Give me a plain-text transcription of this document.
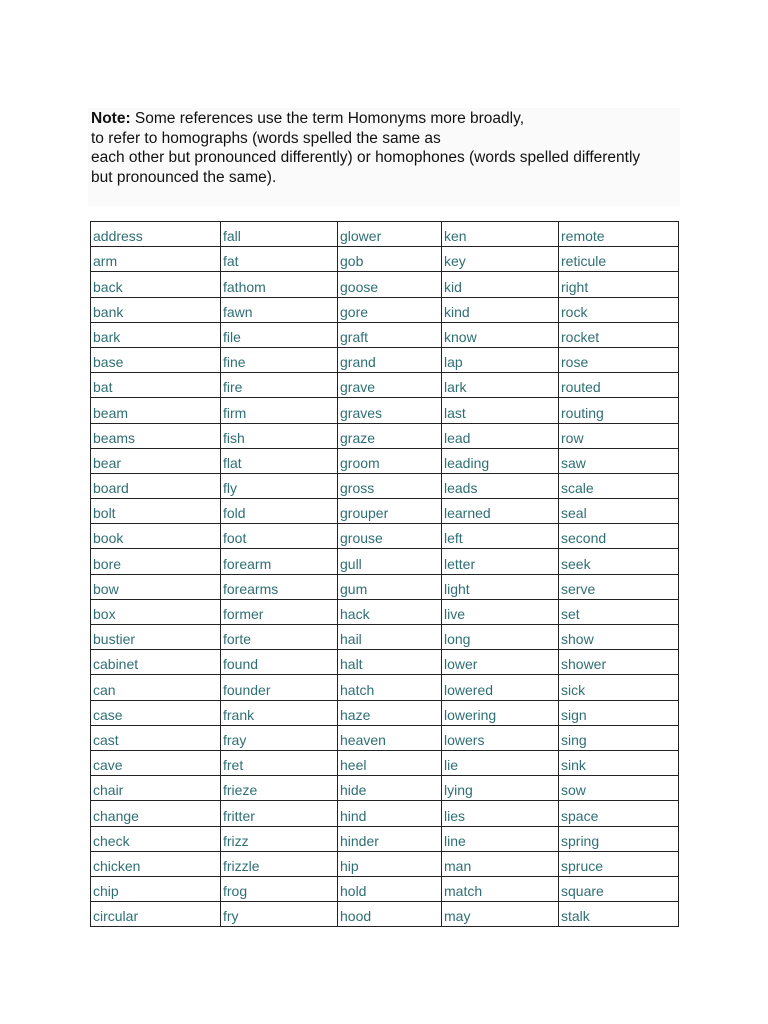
Note: Some references use the term Homonyms more broadly,
to refer to homographs (words spelled the same as
each other but pronounced differently) or homophones (words spelled differently
but pronounced the same).
address	fall	glower	ken	remote
arm	fat	gob	key	reticule
back	fathom	goose	kid	right
bank	fawn	gore	kind	rock
bark	file	graft	know	rocket
base	fine	grand	lap	rose
bat	fire	grave	lark	routed
beam	firm	graves	last	routing
beams	fish	graze	lead	row
bear	flat	groom	leading	saw
board	fly	gross	leads	scale
bolt	fold	grouper	learned	seal
book	foot	grouse	left	second
bore	forearm	gull	letter	seek
bow	forearms	gum	light	serve
box	former	hack	live	set
bustier	forte	hail	long	show
cabinet	found	halt	lower	shower
can	founder	hatch	lowered	sick
case	frank	haze	lowering	sign
cast	fray	heaven	lowers	sing
cave	fret	heel	lie	sink
chair	frieze	hide	lying	sow
change	fritter	hind	lies	space
check	frizz	hinder	line	spring
chicken	frizzle	hip	man	spruce
chip	frog	hold	match	square
circular	fry	hood	may	stalk
